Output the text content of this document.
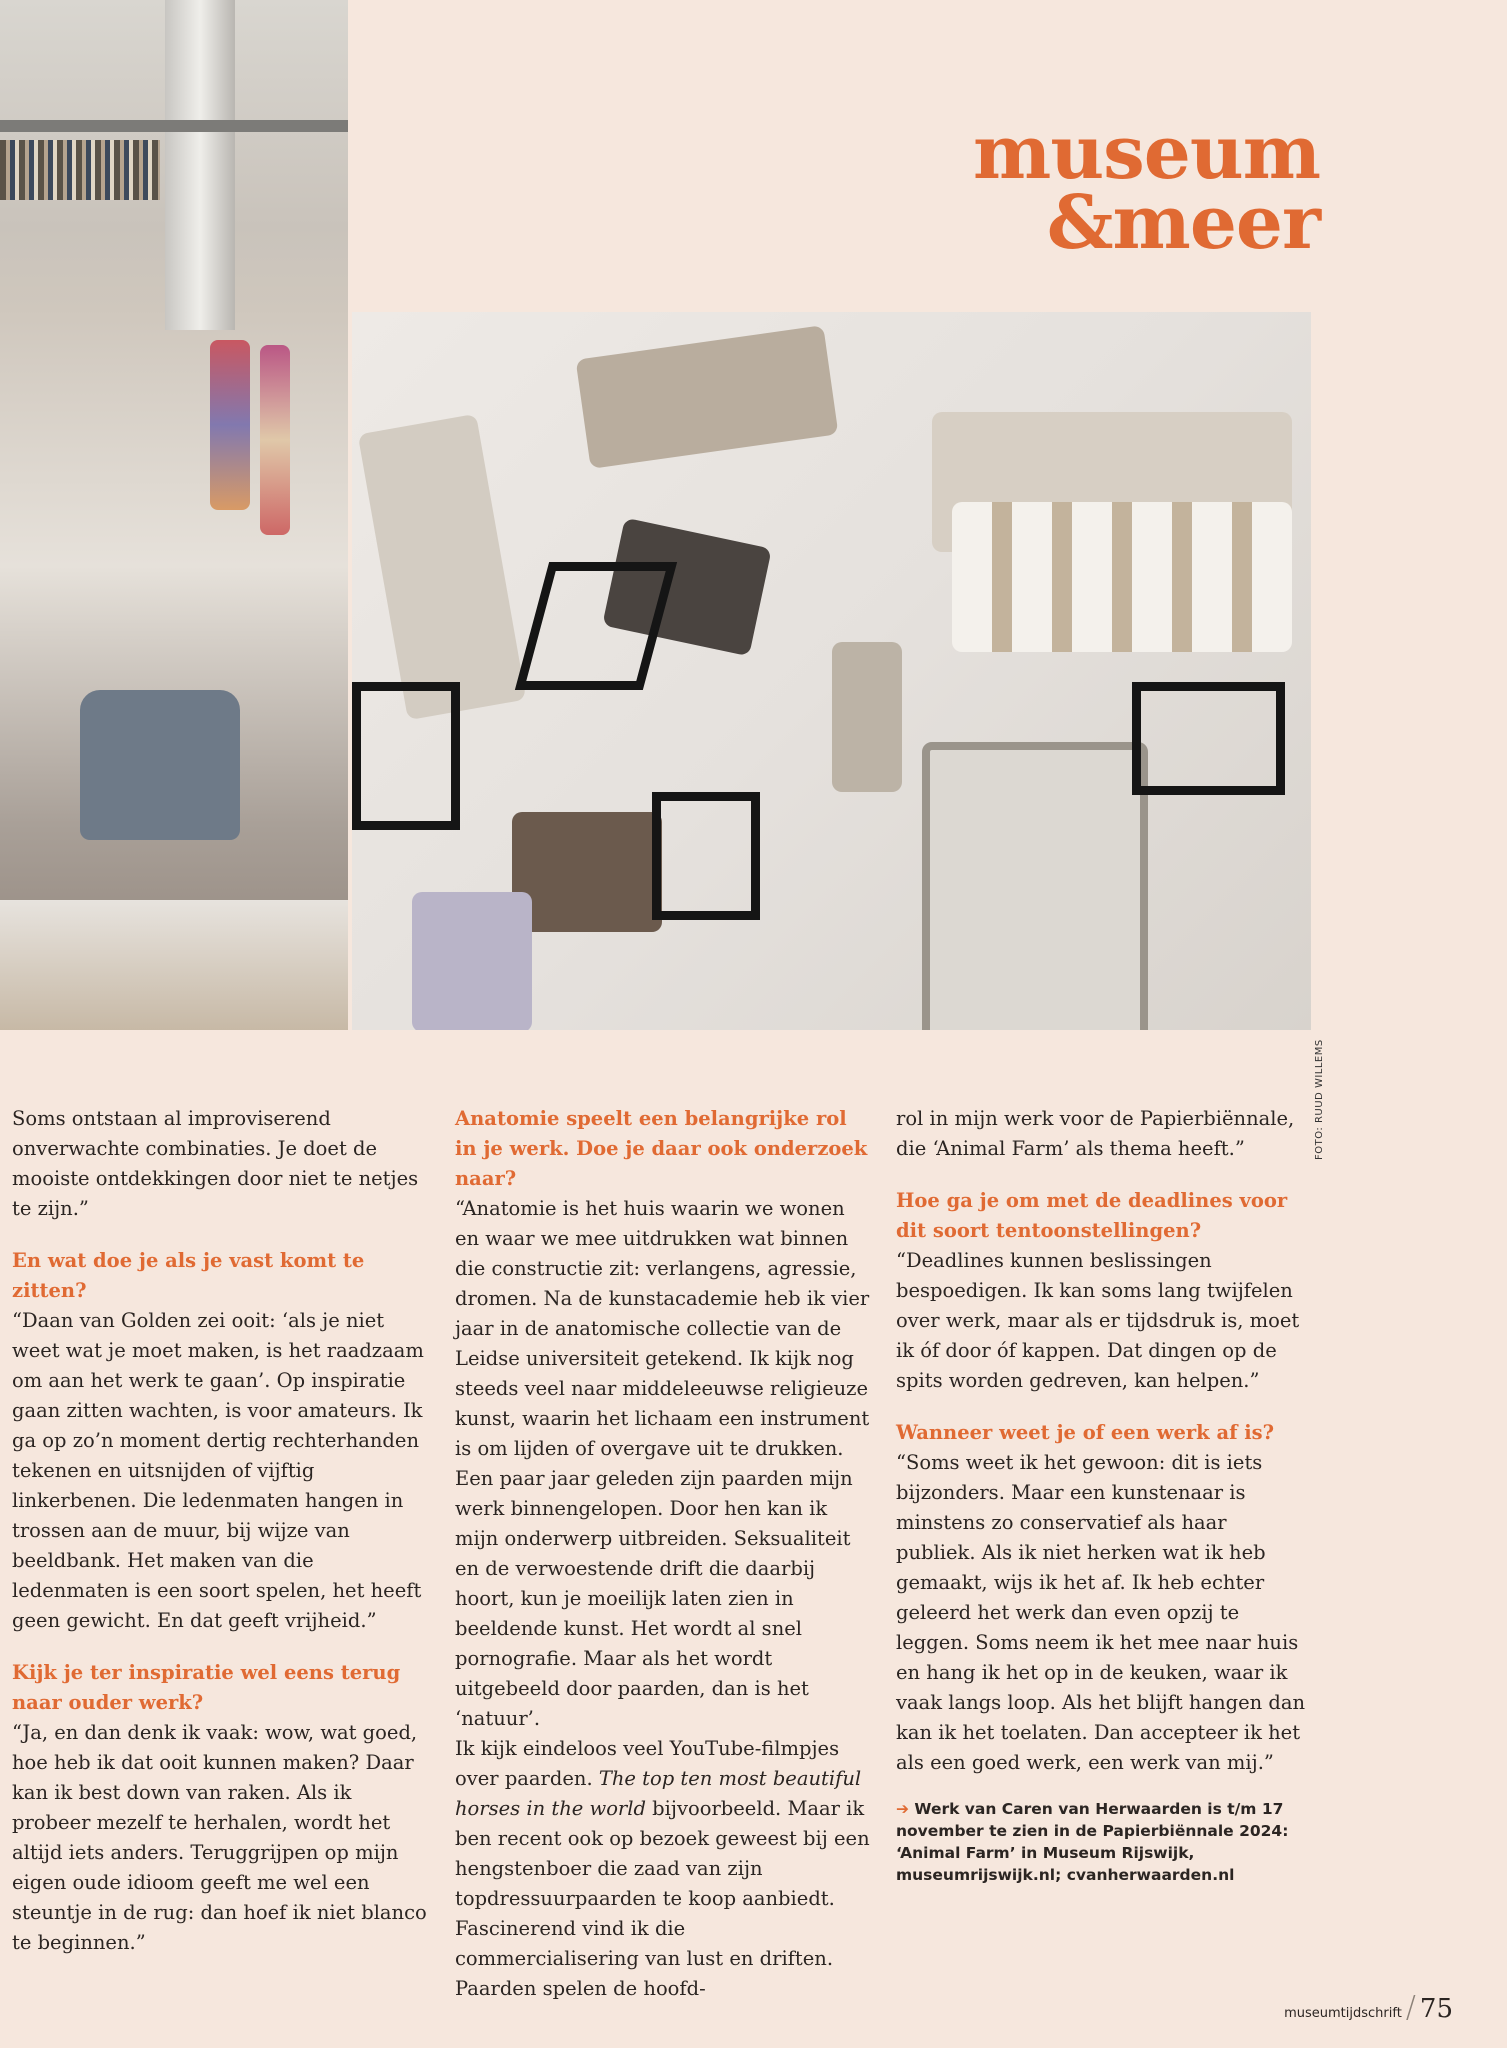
FOTO: RUUD WILLEMS
museum
&meer

Soms ontstaan al improviserend onverwachte combinaties. Je doet de mooiste ontdekkingen door niet te netjes te zijn.”

En wat doe je als je vast komt te zitten?

“Daan van Golden zei ooit: ‘als je niet weet wat je moet maken, is het raadzaam om aan het werk te gaan’. Op inspiratie gaan zitten wachten, is voor amateurs. Ik ga op zo’n moment dertig rechterhanden tekenen en uitsnijden of vijftig linkerbenen. Die ledenmaten hangen in trossen aan de muur, bij wijze van beeldbank. Het maken van die ledenmaten is een soort spelen, het heeft geen gewicht. En dat geeft vrijheid.”

Kijk je ter inspiratie wel eens terug naar ouder werk?

“Ja, en dan denk ik vaak: wow, wat goed, hoe heb ik dat ooit kunnen maken? Daar kan ik best down van raken. Als ik probeer mezelf te herhalen, wordt het altijd iets anders. Teruggrijpen op mijn eigen oude idioom geeft me wel een steuntje in de rug: dan hoef ik niet blanco te beginnen.”

Anatomie speelt een belangrijke rol in je werk. Doe je daar ook onderzoek naar?

“Anatomie is het huis waarin we wonen en waar we mee uitdrukken wat binnen die constructie zit: verlangens, agressie, dromen. Na de kunstacademie heb ik vier jaar in de anatomische collectie van de Leidse universiteit getekend. Ik kijk nog steeds veel naar middeleeuwse religieuze kunst, waarin het lichaam een instrument is om lijden of overgave uit te drukken. Een paar jaar geleden zijn paarden mijn werk binnengelopen. Door hen kan ik mijn onderwerp uitbreiden. Seksualiteit en de verwoestende drift die daarbij hoort, kun je moeilijk laten zien in beeldende kunst. Het wordt al snel pornografie. Maar als het wordt uitgebeeld door paarden, dan is het ‘natuur’.

Ik kijk eindeloos veel YouTube-filmpjes over paarden. The top ten most beautiful horses in the world bijvoorbeeld. Maar ik ben recent ook op bezoek geweest bij een hengstenboer die zaad van zijn topdressuurpaarden te koop aanbiedt. Fascinerend vind ik die commercialisering van lust en driften. Paarden spelen de hoofd-

rol in mijn werk voor de Papierbiënnale, die ‘Animal Farm’ als thema heeft.”

Hoe ga je om met de deadlines voor dit soort tentoonstellingen?

“Deadlines kunnen beslissingen bespoedigen. Ik kan soms lang twijfelen over werk, maar als er tijdsdruk is, moet ik óf door óf kappen. Dat dingen op de spits worden gedreven, kan helpen.”

Wanneer weet je of een werk af is?

“Soms weet ik het gewoon: dit is iets bijzonders. Maar een kunstenaar is minstens zo conservatief als haar publiek. Als ik niet herken wat ik heb gemaakt, wijs ik het af. Ik heb echter geleerd het werk dan even opzij te leggen. Soms neem ik het mee naar huis en hang ik het op in de keuken, waar ik vaak langs loop. Als het blijft hangen dan kan ik het toelaten. Dan accepteer ik het als een goed werk, een werk van mij.”

➔ Werk van Caren van Herwaarden is t/m 17 november te zien in de Papierbiënnale 2024: ‘Animal Farm’ in Museum Rijswijk, museumrijswijk.nl; cvanherwaarden.nl
museumtijdschrift / 75
